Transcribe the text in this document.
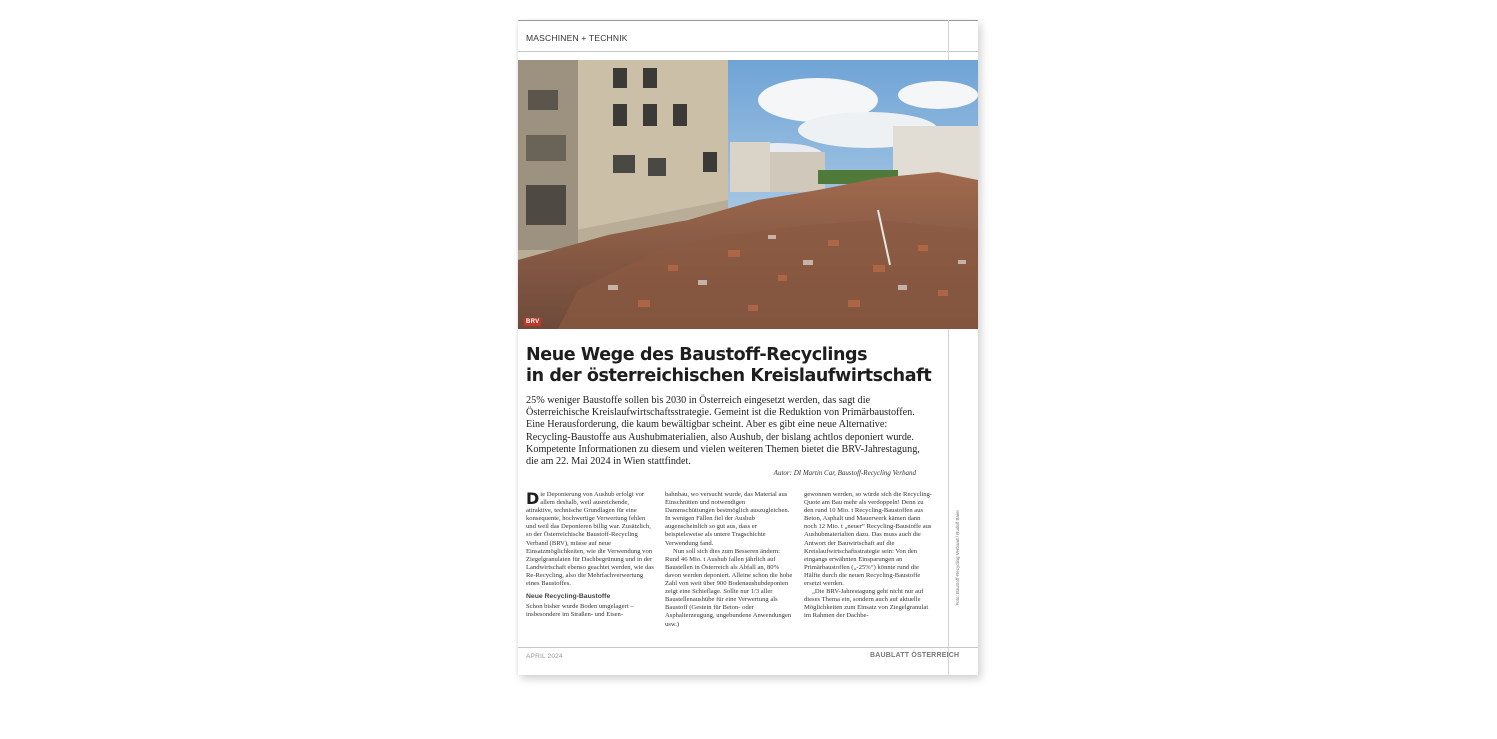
MASCHINEN + TECHNIK
BRV
Neue Wege des Baustoff-Recyclings
in der österreichischen Kreislaufwirtschaft

25% weniger Baustoffe sollen bis 2030 in Österreich eingesetzt werden, das sagt die Österreichische Kreislaufwirtschaftsstrategie. Gemeint ist die Reduktion von Primärbaustoffen. Eine Herausforderung, die kaum bewältigbar scheint. Aber es gibt eine neue Alternative: Recycling-Baustoffe aus Aushubmaterialien, also Aushub, der bislang achtlos deponiert wurde. Kompetente Informationen zu diesem und vielen weiteren Themen bietet die BRV-Jahrestagung, die am 22. Mai 2024 in Wien stattfindet.

Autor: DI Martin Car, Baustoff-Recycling Verband

Die Deponierung von Aushub erfolgt vor allem deshalb, weil ausreichende, attraktive, technische Grundlagen für eine konsequente, hochwertige Verwertung fehlen und weil das Deponieren billig war. Zusätzlich, so der Österreichische Baustoff-Recycling Verband (BRV), müsse auf neue Einsatzmöglichkeiten, wie die Verwendung von Ziegelgranulaten für Dachbegrünung und in der Landwirtschaft ebenso geachtet werden, wie das Re-Recycling, also die Mehrfachverwertung eines Baustoffes.

Neue Recycling-Baustoffe

Schon bisher wurde Boden umgelagert – insbesondere im Straßen- und Eisen-

bahnbau, wo versucht wurde, das Material aus Einschnitten und notwendigen Dammschüttungen bestmöglich auszugleichen. In wenigen Fällen fiel der Aushub augenscheinlich so gut aus, dass er beispielsweise als untere Tragschichte Verwendung fand.

Nun soll sich dies zum Besseren ändern: Rund 46 Mio. t Aushub fallen jährlich auf Baustellen in Österreich als Abfall an, 80% davon werden deponiert. Alleine schon die hohe Zahl von weit über 900 Bodenaushubdeponien zeigt eine Schieflage. Sollte nur 1/3 aller Baustellenaushübe für eine Verwertung als Baustoff (Gestein für Beton- oder Asphalterzeugung, ungebundene Anwendungen usw.)

gewonnen werden, so würde sich die Recycling-Quote am Bau mehr als verdoppeln! Denn zu den rund 10 Mio. t Recycling-Baustoffen aus Beton, Asphalt und Mauerwerk kämen dann noch 12 Mio. t „neuer“ Recycling-Baustoffe aus Aushubmaterialien dazu. Das muss auch die Antwort der Bauwirtschaft auf die Kreislaufwirtschaftsstrategie sein: Von den eingangs erwähnten Einsparungen an Primärbaustoffen („-25%“) könnte rund die Hälfte durch die neuen Recycling-Baustoffe ersetzt werden.

„Die BRV-Jahrestagung geht nicht nur auf dieses Thema ein, sondern auch auf aktuelle Möglichkeiten zum Einsatz von Ziegelgranulat im Rahmen der Dachbe-

Foto: Baustoff-Recycling Verband / Rudolf Baier
APRIL 2024	BAUBLATT ÖSTERREICH
